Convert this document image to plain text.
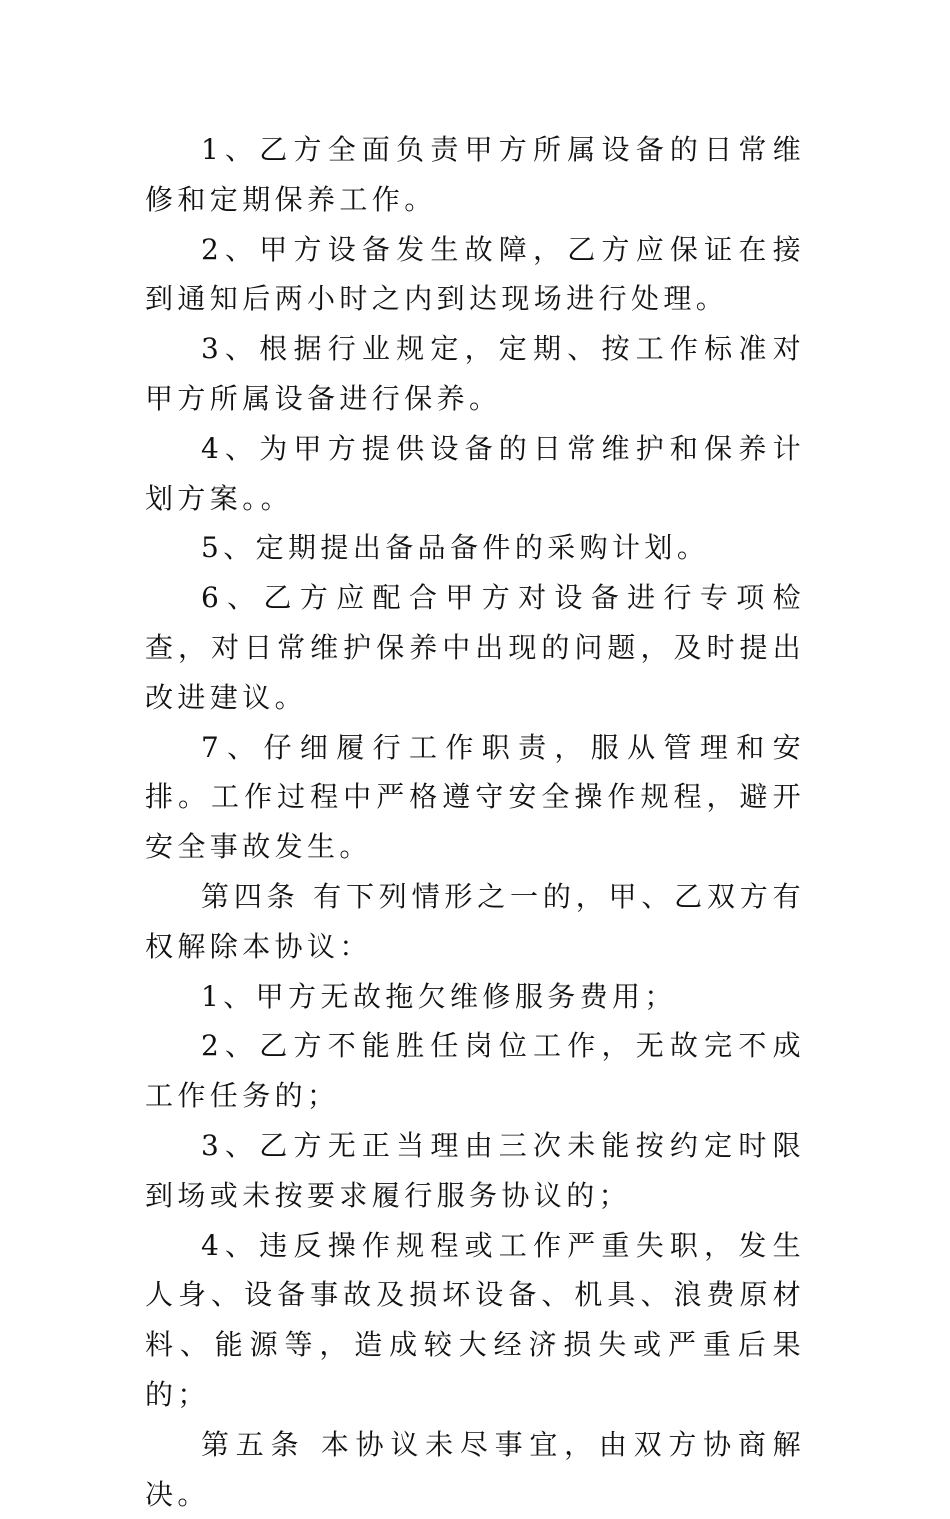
1、乙方全面负责甲方所属设备的日常维修和定期保养工作。

2、甲方设备发生故障，乙方应保证在接到通知后两小时之内到达现场进行处理。

3、根据行业规定，定期、按工作标准对甲方所属设备进行保养。

4、为甲方提供设备的日常维护和保养计划方案。。

5、定期提出备品备件的采购计划。

6、乙方应配合甲方对设备进行专项检查，对日常维护保养中出现的问题，及时提出改进建议。

7、仔细履行工作职责，服从管理和安排。工作过程中严格遵守安全操作规程，避开安全事故发生。

第四条 有下列情形之一的，甲、乙双方有权解除本协议：

1、甲方无故拖欠维修服务费用；

2、乙方不能胜任岗位工作，无故完不成工作任务的；

3、乙方无正当理由三次未能按约定时限到场或未按要求履行服务协议的；

4、违反操作规程或工作严重失职，发生人身、设备事故及损坏设备、机具、浪费原材料、能源等，造成较大经济损失或严重后果的；

第五条 本协议未尽事宜，由双方协商解决。
